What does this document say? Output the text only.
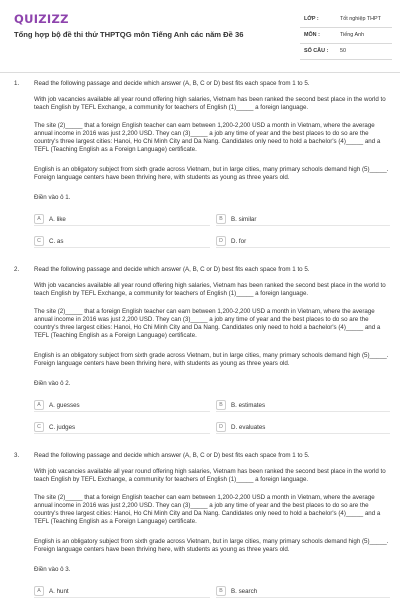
QUIZIZZ
Tổng hợp bộ đề thi thử THPTQG môn Tiếng Anh các năm Đề 36
LỚP :	Tốt nghiệp THPT
MÔN :	Tiếng Anh
SỐ CÂU : 50
1. Read the following passage and decide which answer (A, B, C or D) best fits each space from 1 to 5.

With job vacancies available all year round offering high salaries, Vietnam has been ranked the second best place in the world to teach English by TEFL Exchange, a community for teachers of English (1)_____ a foreign language.

The site (2)_____ that a foreign English teacher can earn between 1,200-2,200 USD a month in Vietnam, where the average annual income in 2016 was just 2,200 USD. They can (3)_____ a job any time of year and the best places to do so are the country's three largest cities: Hanoi, Ho Chi Minh City and Da Nang. Candidates only need to hold a bachelor's (4)_____ and a TEFL (Teaching English as a Foreign Language) certificate.

English is an obligatory subject from sixth grade across Vietnam, but in large cities, many primary schools demand high (5)_____. Foreign language centers have been thriving here, with students as young as three years old.

Điền vào ô 1.
A	A. like	B	B. similar
C	C. as	D	D. for
2. Read the following passage and decide which answer (A, B, C or D) best fits each space from 1 to 5.

With job vacancies available all year round offering high salaries, Vietnam has been ranked the second best place in the world to teach English by TEFL Exchange, a community for teachers of English (1)_____ a foreign language.

The site (2)_____ that a foreign English teacher can earn between 1,200-2,200 USD a month in Vietnam, where the average annual income in 2016 was just 2,200 USD. They can (3)_____ a job any time of year and the best places to do so are the country's three largest cities: Hanoi, Ho Chi Minh City and Da Nang. Candidates only need to hold a bachelor's (4)_____ and a TEFL (Teaching English as a Foreign Language) certificate.

English is an obligatory subject from sixth grade across Vietnam, but in large cities, many primary schools demand high (5)_____. Foreign language centers have been thriving here, with students as young as three years old.

Điền vào ô 2.
A	A. guesses	B	B. estimates
C	C. judges	D	D. evaluates
3. Read the following passage and decide which answer (A, B, C or D) best fits each space from 1 to 5.

With job vacancies available all year round offering high salaries, Vietnam has been ranked the second best place in the world to teach English by TEFL Exchange, a community for teachers of English (1)_____ a foreign language.

The site (2)_____ that a foreign English teacher can earn between 1,200-2,200 USD a month in Vietnam, where the average annual income in 2016 was just 2,200 USD. They can (3)_____ a job any time of year and the best places to do so are the country's three largest cities: Hanoi, Ho Chi Minh City and Da Nang. Candidates only need to hold a bachelor's (4)_____ and a TEFL (Teaching English as a Foreign Language) certificate.

English is an obligatory subject from sixth grade across Vietnam, but in large cities, many primary schools demand high (5)_____. Foreign language centers have been thriving here, with students as young as three years old.

Điền vào ô 3.
A	A. hunt	B	B. search
